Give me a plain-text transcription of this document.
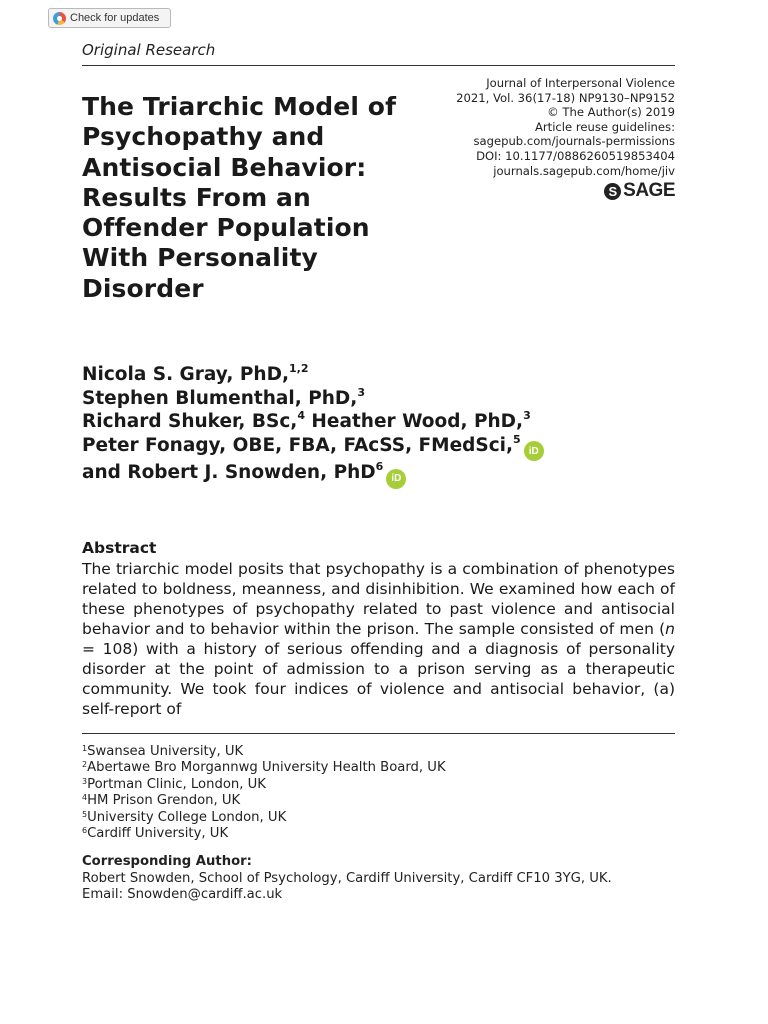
Check for updates
Original Research
The Triarchic Model of Psychopathy and Antisocial Behavior: Results From an Offender Population With Personality Disorder
Journal of Interpersonal Violence
2021, Vol. 36(17-18) NP9130–NP9152
© The Author(s) 2019
Article reuse guidelines:
sagepub.com/journals-permissions
DOI: 10.1177/0886260519853404
journals.sagepub.com/home/jiv
S SAGE
Nicola S. Gray, PhD,$^{1,2}$
Stephen Blumenthal, PhD,$^3$
Richard Shuker, BSc,$^4$ Heather Wood, PhD,$^3$
Peter Fonagy, OBE, FBA, FAcSS, FMedSci,$^5$iD
and Robert J. Snowden, PhD$^6$iD
Abstract

The triarchic model posits that psychopathy is a combination of phenotypes related to boldness, meanness, and disinhibition. We examined how each of these phenotypes of psychopathy related to past violence and antisocial behavior and to behavior within the prison. The sample consisted of men (n = 108) with a history of serious offending and a diagnosis of personality disorder at the point of admission to a prison serving as a therapeutic community. We took four indices of violence and antisocial behavior, (a) self-report of

$^1$Swansea University, UK
$^2$Abertawe Bro Morgannwg University Health Board, UK
$^3$Portman Clinic, London, UK
$^4$HM Prison Grendon, UK
$^5$University College London, UK
$^6$Cardiff University, UK
Corresponding Author:
Robert Snowden, School of Psychology, Cardiff University, Cardiff CF10 3YG, UK.
Email: Snowden@cardiff.ac.uk
